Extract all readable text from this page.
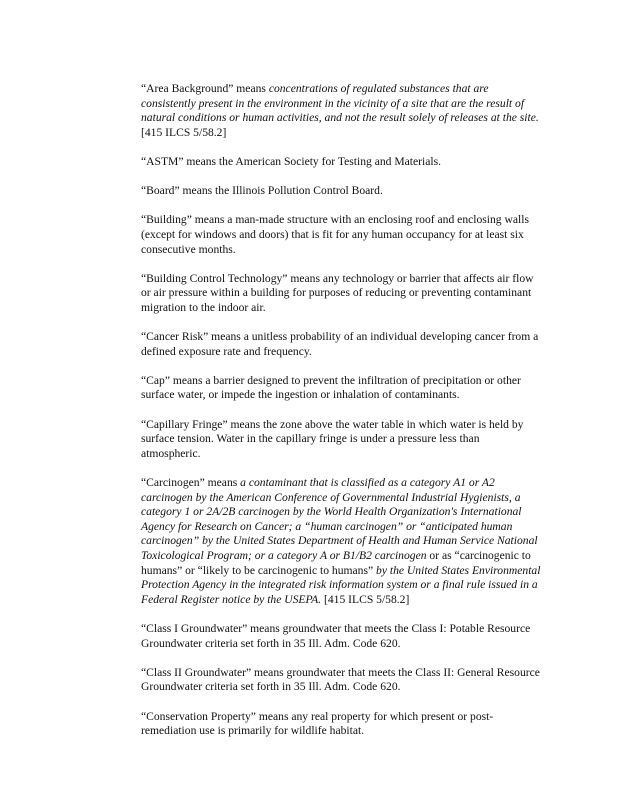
“Area Background” means concentrations of regulated substances that are consistently present in the environment in the vicinity of a site that are the result of natural conditions or human activities, and not the result solely of releases at the site. [415 ILCS 5/58.2]

“ASTM” means the American Society for Testing and Materials.

“Board” means the Illinois Pollution Control Board.

“Building” means a man-made structure with an enclosing roof and enclosing walls (except for windows and doors) that is fit for any human occupancy for at least six consecutive months.

“Building Control Technology” means any technology or barrier that affects air flow or air pressure within a building for purposes of reducing or preventing contaminant migration to the indoor air.

“Cancer Risk” means a unitless probability of an individual developing cancer from a defined exposure rate and frequency.

“Cap” means a barrier designed to prevent the infiltration of precipitation or other surface water, or impede the ingestion or inhalation of contaminants.

“Capillary Fringe” means the zone above the water table in which water is held by surface tension. Water in the capillary fringe is under a pressure less than atmospheric.

“Carcinogen” means a contaminant that is classified as a category A1 or A2 carcinogen by the American Conference of Governmental Industrial Hygienists, a category 1 or 2A/2B carcinogen by the World Health Organization's International Agency for Research on Cancer; a “human carcinogen” or “anticipated human carcinogen” by the United States Department of Health and Human Service National Toxicological Program; or a category A or B1/B2 carcinogen or as “carcinogenic to humans” or “likely to be carcinogenic to humans” by the United States Environmental Protection Agency in the integrated risk information system or a final rule issued in a Federal Register notice by the USEPA. [415 ILCS 5/58.2]

“Class I Groundwater” means groundwater that meets the Class I: Potable Resource Groundwater criteria set forth in 35 Ill. Adm. Code 620.

“Class II Groundwater” means groundwater that meets the Class II: General Resource Groundwater criteria set forth in 35 Ill. Adm. Code 620.

“Conservation Property” means any real property for which present or post-remediation use is primarily for wildlife habitat.
